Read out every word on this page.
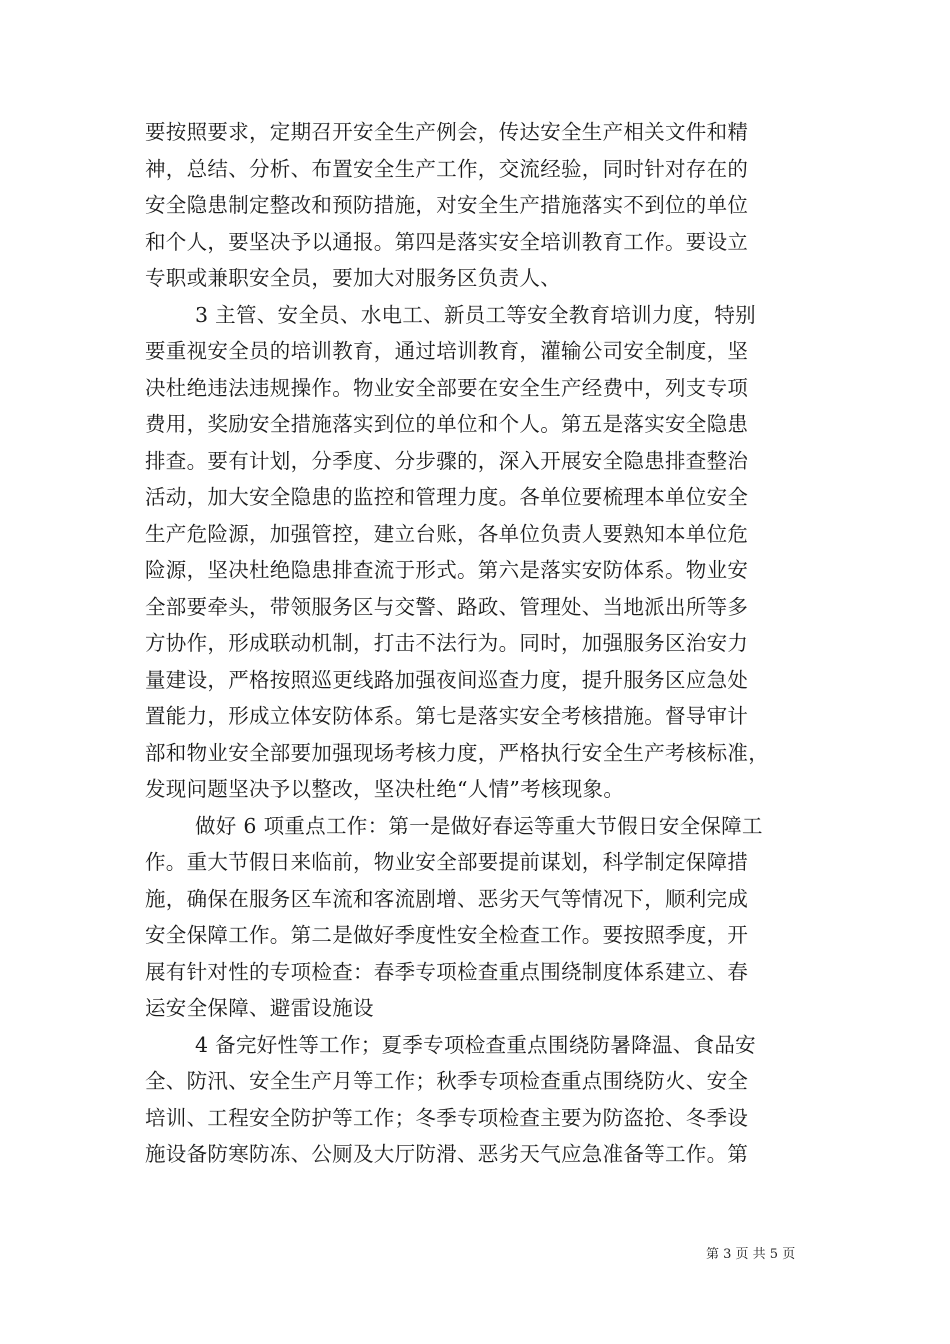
要按照要求，定期召开安全生产例会，传达安全生产相关文件和精
神，总结、分析、布置安全生产工作，交流经验，同时针对存在的
安全隐患制定整改和预防措施，对安全生产措施落实不到位的单位
和个人，要坚决予以通报。第四是落实安全培训教育工作。要设立
专职或兼职安全员，要加大对服务区负责人、

3 主管、安全员、水电工、新员工等安全教育培训力度，特别
要重视安全员的培训教育，通过培训教育，灌输公司安全制度，坚
决杜绝违法违规操作。物业安全部要在安全生产经费中，列支专项
费用，奖励安全措施落实到位的单位和个人。第五是落实安全隐患
排查。要有计划，分季度、分步骤的，深入开展安全隐患排查整治
活动，加大安全隐患的监控和管理力度。各单位要梳理本单位安全
生产危险源，加强管控，建立台账，各单位负责人要熟知本单位危
险源，坚决杜绝隐患排查流于形式。第六是落实安防体系。物业安
全部要牵头，带领服务区与交警、路政、管理处、当地派出所等多
方协作，形成联动机制，打击不法行为。同时，加强服务区治安力
量建设，严格按照巡更线路加强夜间巡查力度，提升服务区应急处
置能力，形成立体安防体系。第七是落实安全考核措施。督导审计
部和物业安全部要加强现场考核力度，严格执行安全生产考核标准，
发现问题坚决予以整改，坚决杜绝“人情”考核现象。

做好 6 项重点工作：第一是做好春运等重大节假日安全保障工
作。重大节假日来临前，物业安全部要提前谋划，科学制定保障措
施，确保在服务区车流和客流剧增、恶劣天气等情况下，顺利完成
安全保障工作。第二是做好季度性安全检查工作。要按照季度，开
展有针对性的专项检查：春季专项检查重点围绕制度体系建立、春
运安全保障、避雷设施设

4 备完好性等工作；夏季专项检查重点围绕防暑降温、食品安
全、防汛、安全生产月等工作；秋季专项检查重点围绕防火、安全
培训、工程安全防护等工作；冬季专项检查主要为防盗抢、冬季设
施设备防寒防冻、公厕及大厅防滑、恶劣天气应急准备等工作。第

第 3 页 共 5 页
